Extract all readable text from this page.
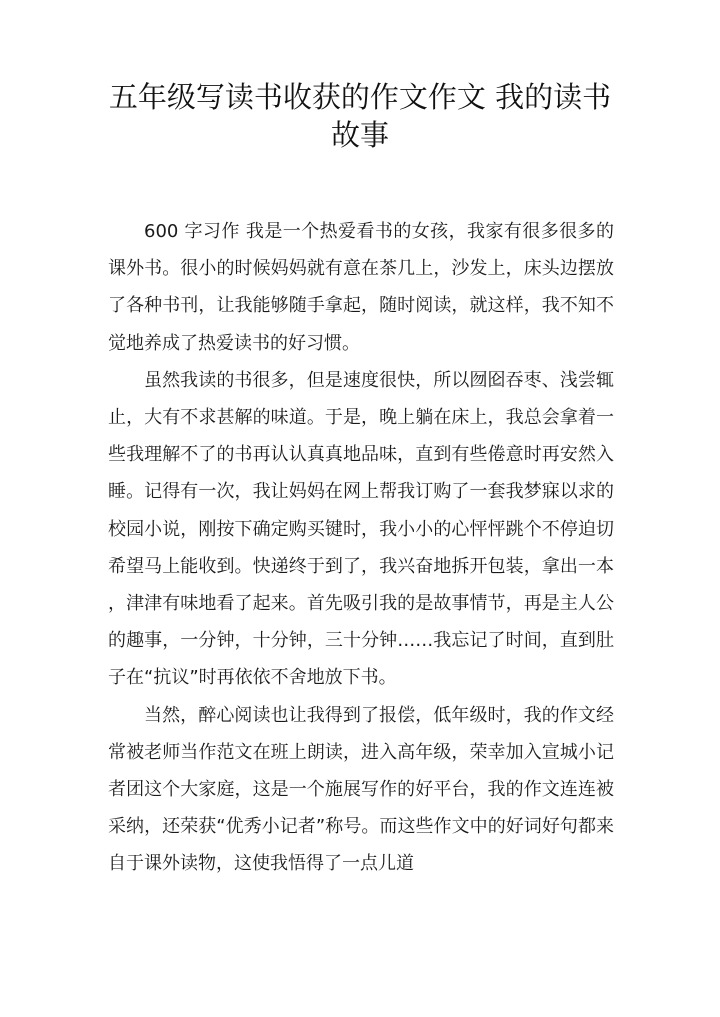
五年级写读书收获的作文作文 我的读书故事

600 字习作 我是一个热爱看书的女孩，我家有很多很多的课外书。很小的时候妈妈就有意在茶几上，沙发上，床头边摆放了各种书刊，让我能够随手拿起，随时阅读，就这样，我不知不觉地养成了热爱读书的好习惯。

虽然我读的书很多，但是速度很快，所以囫囵吞枣、浅尝辄止，大有不求甚解的味道。于是，晚上躺在床上，我总会拿着一些我理解不了的书再认认真真地品味，直到有些倦意时再安然入睡。记得有一次，我让妈妈在网上帮我订购了一套我梦寐以求的校园小说，刚按下确定购买键时，我小小的心怦怦跳个不停迫切希望马上能收到。快递终于到了，我兴奋地拆开包装，拿出一本，津津有味地看了起来。首先吸引我的是故事情节，再是主人公的趣事，一分钟，十分钟，三十分钟……我忘记了时间，直到肚子在“抗议”时再依依不舍地放下书。

当然，醉心阅读也让我得到了报偿，低年级时，我的作文经常被老师当作范文在班上朗读，进入高年级，荣幸加入宣城小记者团这个大家庭，这是一个施展写作的好平台，我的作文连连被采纳，还荣获“优秀小记者”称号。而这些作文中的好词好句都来自于课外读物，这使我悟得了一点儿道
